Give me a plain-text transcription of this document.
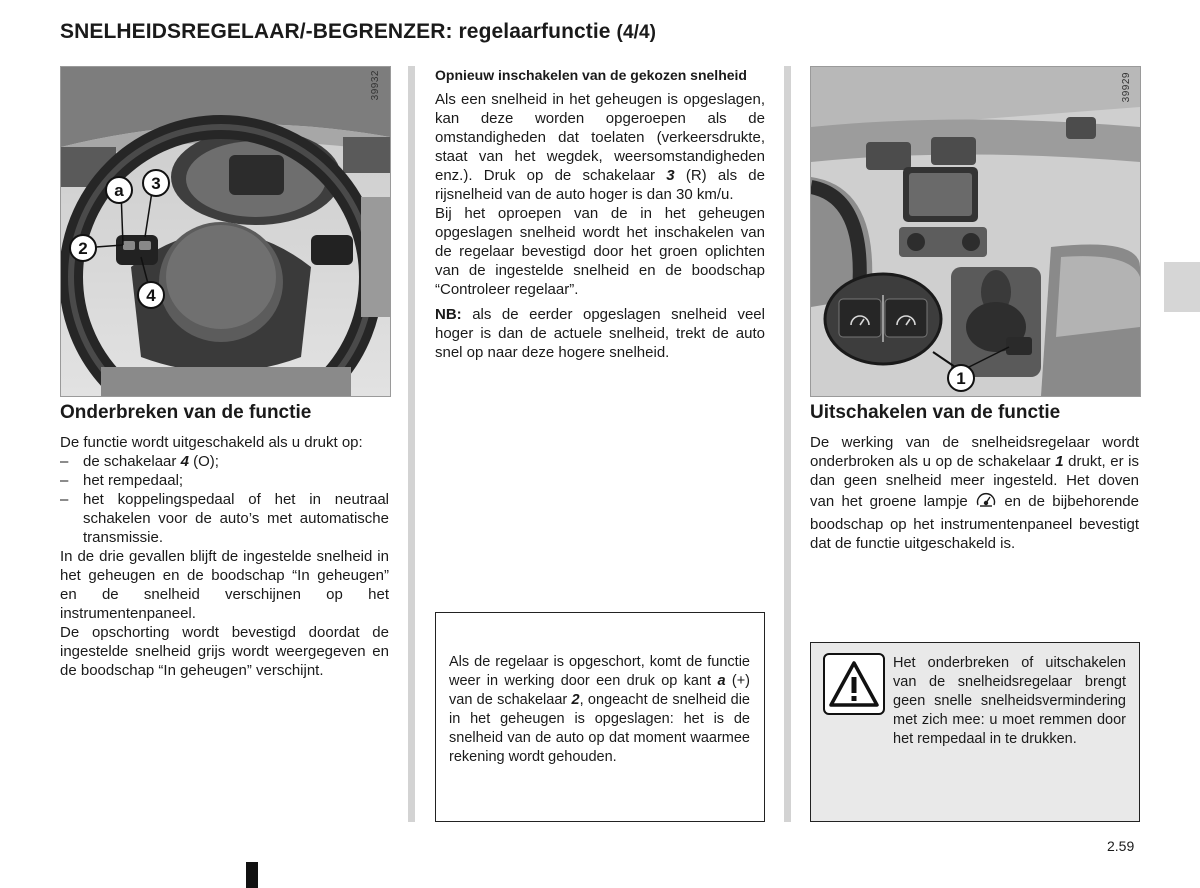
SNELHEIDSREGELAAR/-BEGRENZER: regelaarfunctie (4/4)
a 3
2
4
39932
Onderbreken van de functie

De functie wordt uitgeschakeld als u drukt op:

– de schakelaar 4 (O);
– het rempedaal;
– het koppelingspedaal of het in neutraal schakelen voor de auto’s met automatische transmissie.

In de drie gevallen blijft de ingestelde snelheid in het geheugen en de boodschap “In geheugen” en de snelheid verschijnen op het instrumentenpaneel.

De opschorting wordt bevestigd doordat de ingestelde snelheid grijs wordt weergegeven en de boodschap “In geheugen” verschijnt.

Opnieuw inschakelen van de gekozen snelheid

Als een snelheid in het geheugen is opgeslagen, kan deze worden opgeroepen als de omstandigheden dat toelaten (verkeersdrukte, staat van het wegdek, weersomstandigheden enz.). Druk op de schakelaar 3 (R) als de rijsnelheid van de auto hoger is dan 30 km/u.

Bij het oproepen van de in het geheugen opgeslagen snelheid wordt het inschakelen van de regelaar bevestigd door het groen oplichten van de ingestelde snelheid en de boodschap “Controleer regelaar”.

NB: als de eerder opgeslagen snelheid veel hoger is dan de actuele snelheid, trekt de auto snel op naar deze hogere snelheid.

Als de regelaar is opgeschort, komt de functie weer in werking door een druk op kant a (+) van de schakelaar 2, ongeacht de snelheid die in het geheugen is opgeslagen: het is de snelheid van de auto op dat moment waarmee rekening wordt gehouden.

1
39929
Uitschakelen van de functie

De werking van de snelheidsregelaar wordt onderbroken als u op de schakelaar 1 drukt, er is dan geen snelheid meer ingesteld. Het doven van het groene lampje  en de bijbehorende boodschap op het instrumentenpaneel bevestigt dat de functie uitgeschakeld is.

Het onderbreken of uitschakelen van de snelheidsregelaar brengt geen snelle snelheidsvermindering met zich mee: u moet remmen door het rempedaal in te drukken.

2.59
